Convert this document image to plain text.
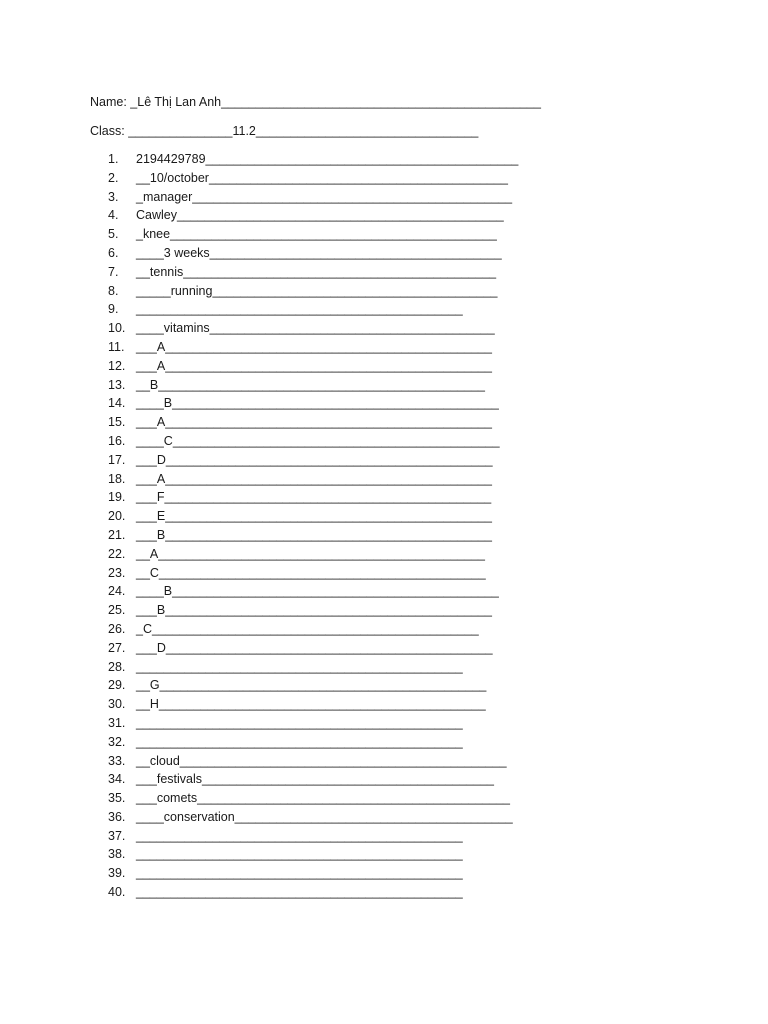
Name: _Lê Thị Lan Anh______________________________________________
Class: _______________11.2________________________________
1.	2194429789_____________________________________________
2.	__10/october___________________________________________
3.	_manager______________________________________________
4.	Cawley_______________________________________________
5.	_knee_______________________________________________
6.	____3 weeks__________________________________________
7.	__tennis_____________________________________________
8.	_____running_________________________________________
9.	_______________________________________________
10. ____vitamins_________________________________________
11. ___A_______________________________________________
12. ___A_______________________________________________
13. __B_______________________________________________
14. ____B_______________________________________________
15. ___A_______________________________________________
16. ____C_______________________________________________
17. ___D_______________________________________________
18. ___A_______________________________________________
19. ___F_______________________________________________
20. ___E_______________________________________________
21. ___B_______________________________________________
22. __A_______________________________________________
23. __C_______________________________________________
24. ____B_______________________________________________
25. ___B_______________________________________________
26. _C_______________________________________________
27. ___D_______________________________________________
28. _______________________________________________
29. __G_______________________________________________
30. __H_______________________________________________
31. _______________________________________________
32. _______________________________________________
33. __cloud_______________________________________________
34. ___festivals__________________________________________
35. ___comets_____________________________________________
36. ____conservation________________________________________
37. _______________________________________________
38. _______________________________________________
39. _______________________________________________
40. _______________________________________________
